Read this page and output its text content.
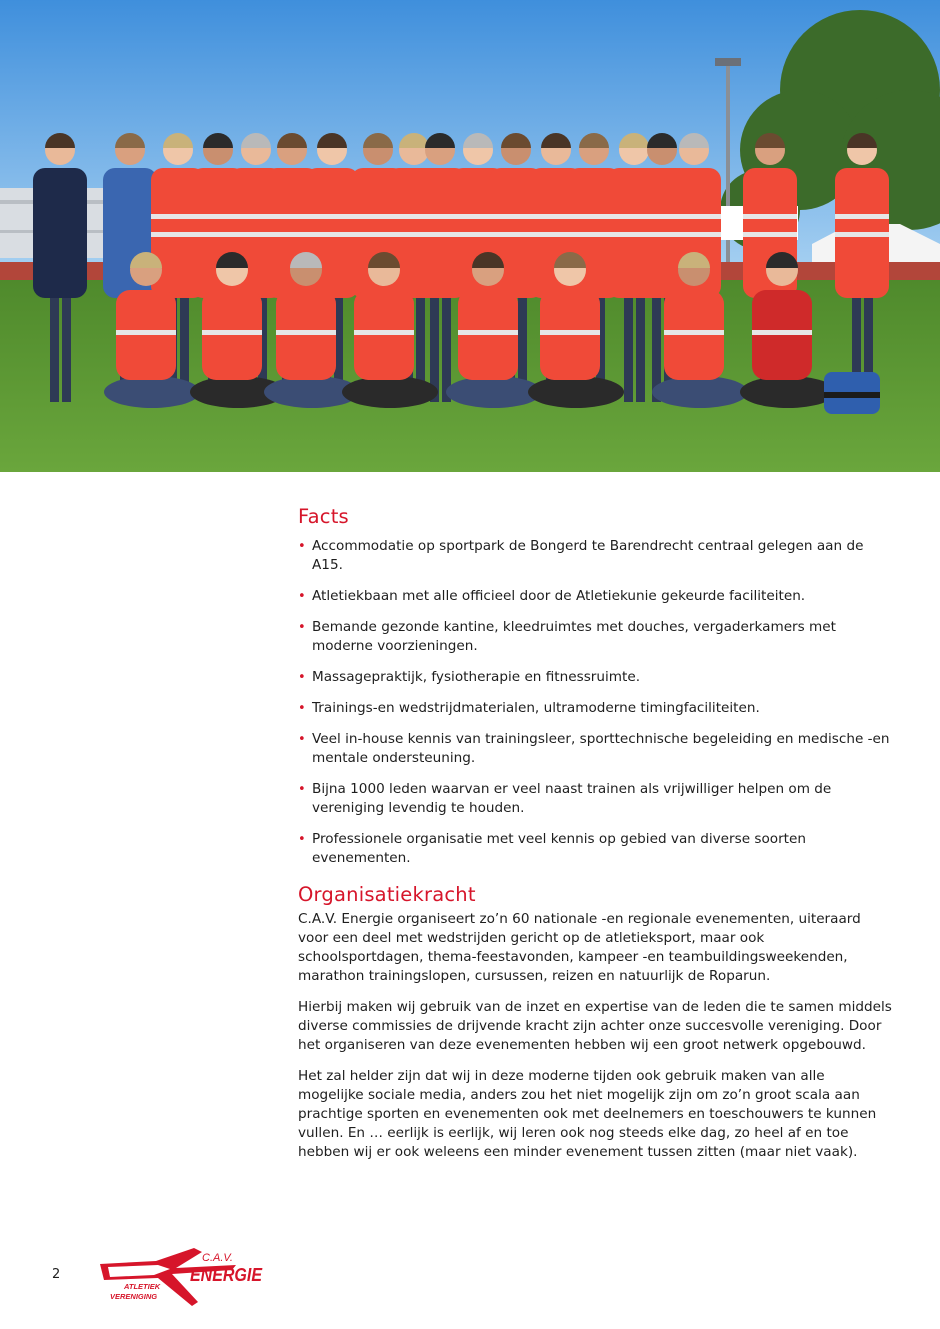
Facts
• Accommodatie op sportpark de Bongerd te Barendrecht centraal gelegen aan de A15.
• Atletiekbaan met alle officieel door de Atletiekunie gekeurde faciliteiten.
• Bemande gezonde kantine, kleedruimtes met douches, vergaderkamers met moderne voorzieningen.
• Massagepraktijk, fysiotherapie en fitnessruimte.
• Trainings-en wedstrijdmaterialen, ultramoderne timingfaciliteiten.
• Veel in-house kennis van trainingsleer, sporttechnische begeleiding en medische -en mentale ondersteuning.
• Bijna 1000 leden waarvan er veel naast trainen als vrijwilliger helpen om de vereniging levendig te houden.
• Professionele organisatie met veel kennis op gebied van diverse soorten evenementen.
Organisatiekracht

C.A.V. Energie organiseert zo’n 60 nationale -en regionale evenementen, uiteraard voor een deel met wedstrijden gericht op de atletieksport, maar ook schoolsportdagen, thema-feestavonden, kampeer -en teambuildingsweekenden, marathon trainingslopen, cursussen, reizen en natuurlijk de Roparun.

Hierbij maken wij gebruik van de inzet en expertise van de leden die te samen middels diverse commissies de drijvende kracht zijn achter onze succesvolle vereniging. Door het organiseren van deze evenementen hebben wij een groot netwerk opgebouwd.

Het zal helder zijn dat wij in deze moderne tijden ook gebruik maken van alle mogelijke sociale media, anders zou het niet mogelijk zijn om zo’n groot scala aan prachtige sporten en evenementen ook met deelnemers en toeschouwers te kunnen vullen. En … eerlijk is eerlijk, wij leren ook nog steeds elke dag, zo heel af en toe hebben wij er ook weleens een minder evenement tussen zitten (maar niet vaak).

2
C.A.V.
ENERGIE
ATLETIEK
VERENIGING
